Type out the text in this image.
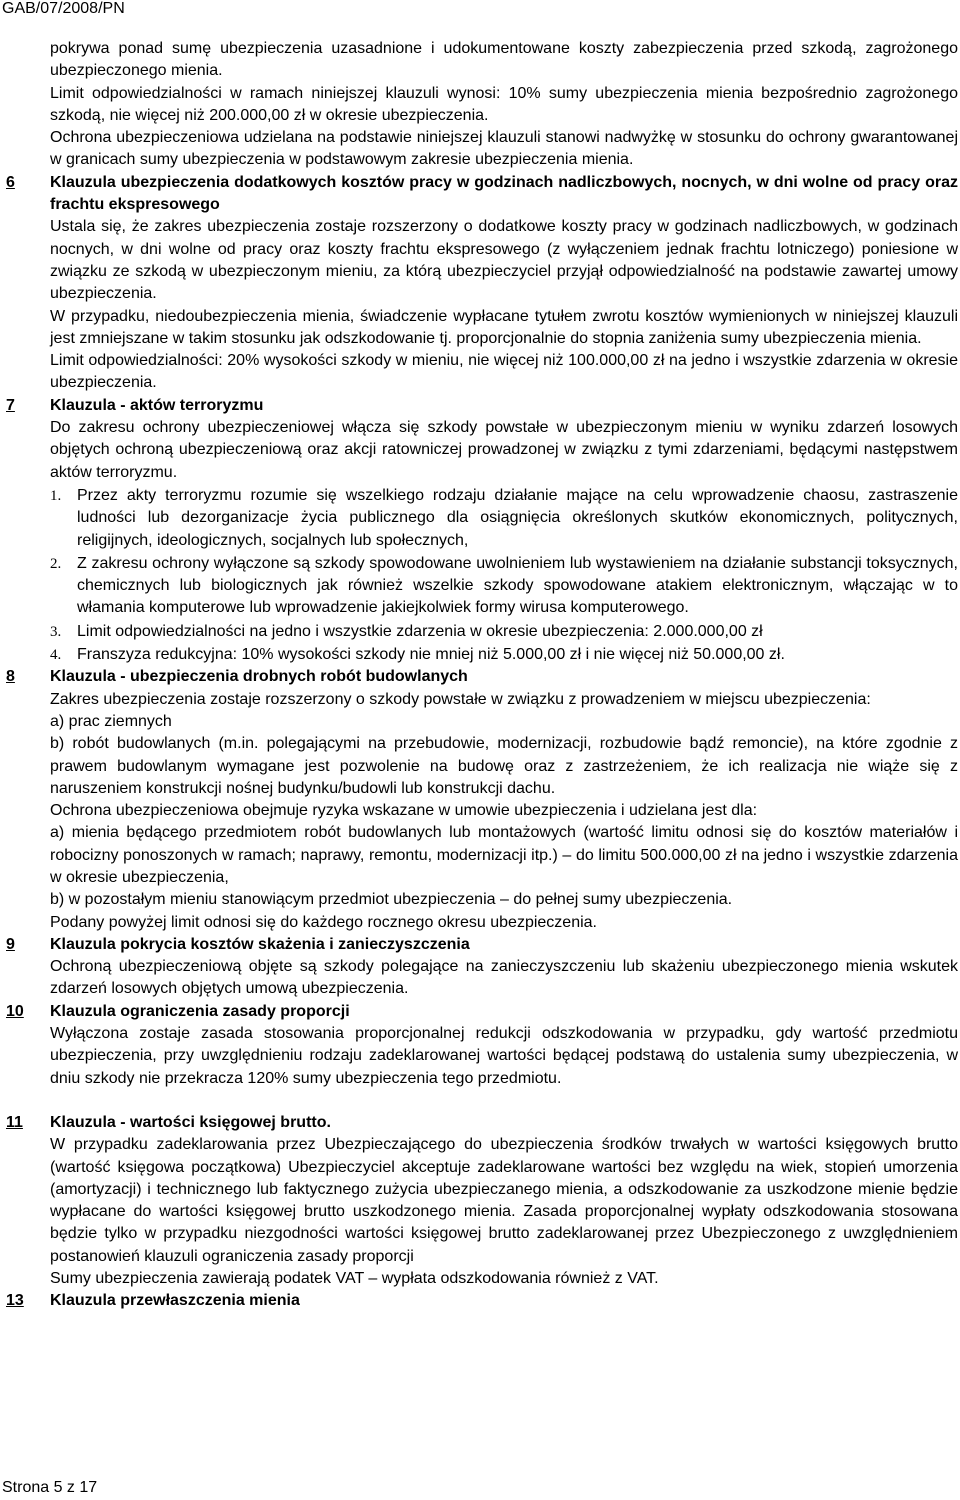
GAB/07/2008/PN

pokrywa ponad sumę ubezpieczenia uzasadnione i udokumentowane koszty zabezpieczenia przed szkodą, zagrożonego ubezpieczonego mienia.

Limit odpowiedzialności w ramach niniejszej klauzuli wynosi: 10% sumy ubezpieczenia mienia bezpośrednio zagrożonego szkodą, nie więcej niż 200.000,00 zł w okresie ubezpieczenia.

Ochrona ubezpieczeniowa udzielana na podstawie niniejszej klauzuli stanowi nadwyżkę w stosunku do ochrony gwarantowanej w granicach sumy ubezpieczenia w podstawowym zakresie ubezpieczenia mienia.

6	Klauzula ubezpieczenia dodatkowych kosztów pracy w godzinach nadliczbowych, nocnych, w dni wolne od pracy oraz frachtu ekspresowego

Ustala się, że zakres ubezpieczenia zostaje rozszerzony o dodatkowe koszty pracy w godzinach nadliczbowych, w godzinach nocnych, w dni wolne od pracy oraz koszty frachtu ekspresowego (z wyłączeniem jednak frachtu lotniczego) poniesione w związku ze szkodą w ubezpieczonym mieniu, za którą ubezpieczyciel przyjął odpowiedzialność na podstawie zawartej umowy ubezpieczenia.

W przypadku, niedoubezpieczenia mienia, świadczenie wypłacane tytułem zwrotu kosztów wymienionych w niniejszej klauzuli jest zmniejszane w takim stosunku jak odszkodowanie tj. proporcjonalnie do stopnia zaniżenia sumy ubezpieczenia mienia.

Limit odpowiedzialności: 20% wysokości szkody w mieniu, nie więcej niż 100.000,00 zł na jedno i wszystkie zdarzenia w okresie ubezpieczenia.

7	Klauzula - aktów terroryzmu

Do zakresu ochrony ubezpieczeniowej włącza się szkody powstałe w ubezpieczonym mieniu w wyniku zdarzeń losowych objętych ochroną ubezpieczeniową oraz akcji ratowniczej prowadzonej w związku z tymi zdarzeniami, będącymi następstwem aktów terroryzmu.

1. Przez akty terroryzmu rozumie się wszelkiego rodzaju działanie mające na celu wprowadzenie chaosu, zastraszenie ludności lub dezorganizacje życia publicznego dla osiągnięcia określonych skutków ekonomicznych, politycznych, religijnych, ideologicznych, socjalnych lub społecznych,
2. Z zakresu ochrony wyłączone są szkody spowodowane uwolnieniem lub wystawieniem na działanie substancji toksycznych, chemicznych lub biologicznych jak również wszelkie szkody spowodowane atakiem elektronicznym, włączając w to włamania komputerowe lub wprowadzenie jakiejkolwiek formy wirusa komputerowego.
3. Limit odpowiedzialności na jedno i wszystkie zdarzenia w okresie ubezpieczenia: 2.000.000,00 zł
4. Franszyza redukcyjna: 10% wysokości szkody nie mniej niż 5.000,00 zł i nie więcej niż 50.000,00 zł.
8	Klauzula - ubezpieczenia drobnych robót budowlanych

Zakres ubezpieczenia zostaje rozszerzony o szkody powstałe w związku z prowadzeniem w miejscu ubezpieczenia:

a) prac ziemnych

b) robót budowlanych (m.in. polegającymi na przebudowie, modernizacji, rozbudowie bądź remoncie), na które zgodnie z prawem budowlanym wymagane jest pozwolenie na budowę oraz z zastrzeżeniem, że ich realizacja nie wiąże się z naruszeniem konstrukcji nośnej budynku/budowli lub konstrukcji dachu.

Ochrona ubezpieczeniowa obejmuje ryzyka wskazane w umowie ubezpieczenia i udzielana jest dla:

a) mienia będącego przedmiotem robót budowlanych lub montażowych (wartość limitu odnosi się do kosztów materiałów i robocizny ponoszonych w ramach; naprawy, remontu, modernizacji itp.) – do limitu 500.000,00 zł na jedno i wszystkie zdarzenia w okresie ubezpieczenia,

b) w pozostałym mieniu stanowiącym przedmiot ubezpieczenia – do pełnej sumy ubezpieczenia.

Podany powyżej limit odnosi się do każdego rocznego okresu ubezpieczenia.

9	Klauzula pokrycia kosztów skażenia i zanieczyszczenia

Ochroną ubezpieczeniową objęte są szkody polegające na zanieczyszczeniu lub skażeniu ubezpieczonego mienia wskutek zdarzeń losowych objętych umową ubezpieczenia.

10	Klauzula ograniczenia zasady proporcji

Wyłączona zostaje zasada stosowania proporcjonalnej redukcji odszkodowania w przypadku, gdy wartość przedmiotu ubezpieczenia, przy uwzględnieniu rodzaju zadeklarowanej wartości będącej podstawą do ustalenia sumy ubezpieczenia, w dniu szkody nie przekracza 120% sumy ubezpieczenia tego przedmiotu.

11	Klauzula - wartości księgowej brutto.

W przypadku zadeklarowania przez Ubezpieczającego do ubezpieczenia środków trwałych w wartości księgowych brutto (wartość księgowa początkowa) Ubezpieczyciel akceptuje zadeklarowane wartości bez względu na wiek, stopień umorzenia (amortyzacji) i technicznego lub faktycznego zużycia ubezpieczanego mienia, a odszkodowanie za uszkodzone mienie będzie wypłacane do wartości księgowej brutto uszkodzonego mienia. Zasada proporcjonalnej wypłaty odszkodowania stosowana będzie tylko w przypadku niezgodności wartości księgowej brutto zadeklarowanej przez Ubezpieczonego z uwzględnieniem postanowień klauzuli ograniczenia zasady proporcji

Sumy ubezpieczenia zawierają podatek VAT – wypłata odszkodowania również z VAT.

13	Klauzula przewłaszczenia mienia

Strona 5 z 17
